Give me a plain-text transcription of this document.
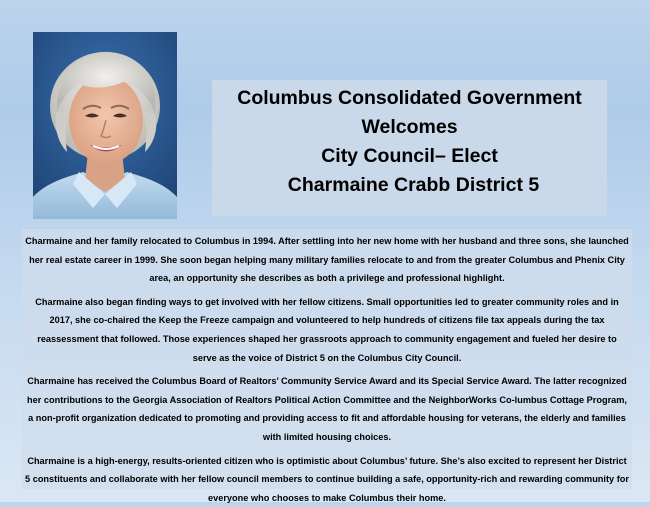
Columbus Consolidated Government
Welcomes
City Council– Elect
Charmaine Crabb District 5

Charmaine and her family relocated to Columbus in 1994. After settling into her new home with her husband and three sons, she launched her real estate career in 1999. She soon began helping many military families relocate to and from the greater Columbus and Phenix City area, an opportunity she describes as both a privilege and professional highlight.

Charmaine also began finding ways to get involved with her fellow citizens. Small opportunities led to greater community roles and in 2017, she co-chaired the Keep the Freeze campaign and volunteered to help hundreds of citizens file tax appeals during the tax reassessment that followed. Those experiences shaped her grassroots approach to community engagement and fueled her desire to serve as the voice of District 5 on the Columbus City Council.

Charmaine has received the Columbus Board of Realtors’ Community Service Award and its Special Service Award. The latter recognized her contributions to the Georgia Association of Realtors Political Action Committee and the NeighborWorks Co-lumbus Cottage Program, a non-profit organization dedicated to promoting and providing access to fit and affordable housing for veterans, the elderly and families with limited housing choices.

Charmaine is a high-energy, results-oriented citizen who is optimistic about Columbus’ future. She’s also excited to represent her District 5 constituents and collaborate with her fellow council members to continue building a safe, opportunity-rich and rewarding community for everyone who chooses to make Columbus their home.
